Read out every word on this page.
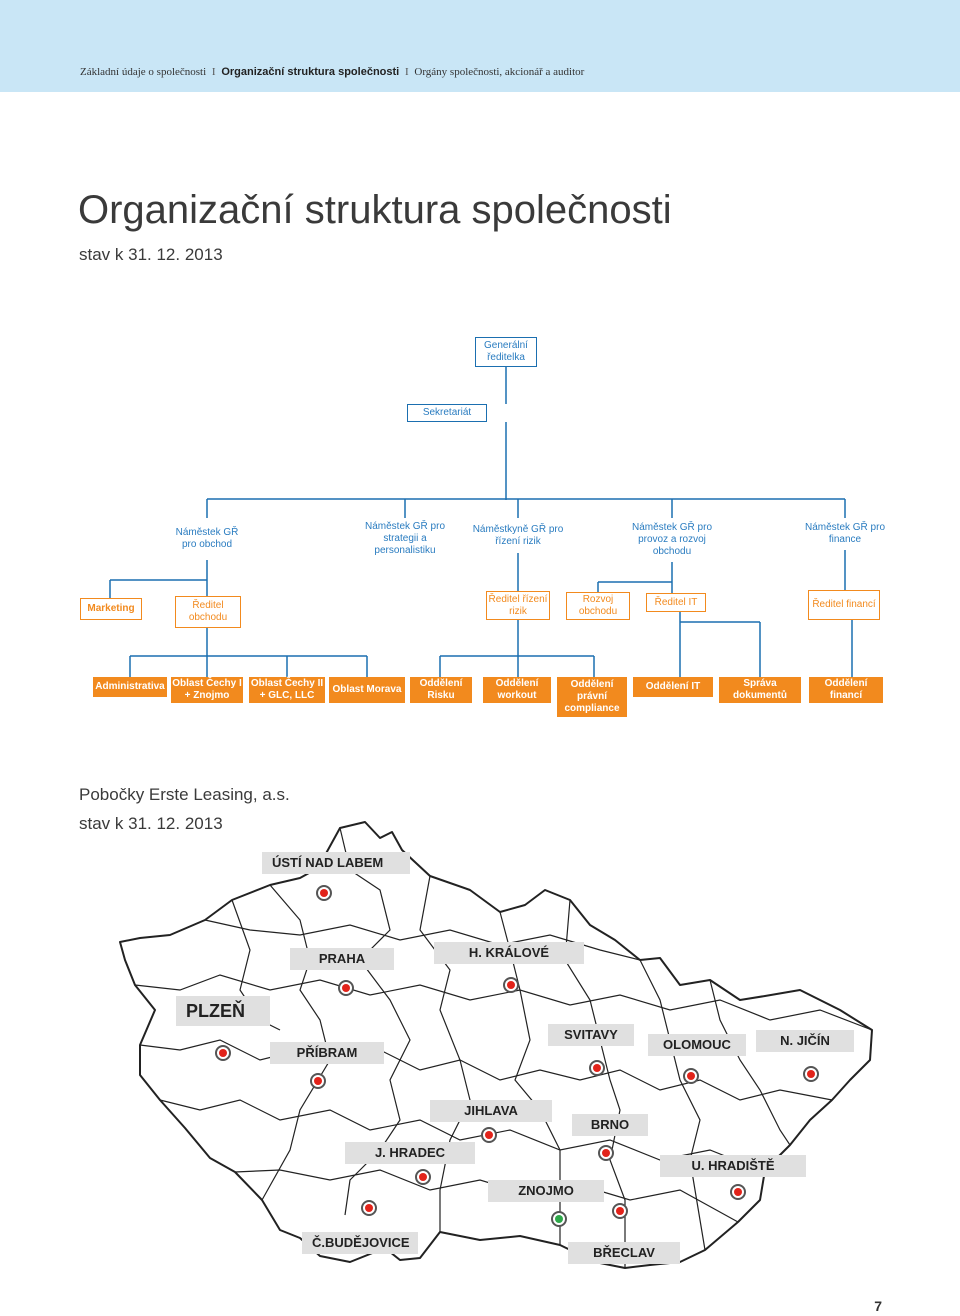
Základní údaje o společnosti I Organizační struktura společnosti I Orgány společnosti, akcionář a auditor
Organizační struktura společnosti
stav k 31. 12. 2013
Generální ředitelka
Sekretariát
Náměstek GŘ pro obchod
Náměstek GŘ pro strategii a personalistiku
Náměstkyně GŘ pro řízení rizik
Náměstek GŘ pro provoz a rozvoj obchodu
Náměstek GŘ pro finance
Marketing	Ředitel obchodu
Ředitel řízení rizik
Rozvoj obchodu
Ředitel IT	Ředitel financí
Administrativa Oblast Čechy I + Znojmo
Oblast Čechy II + GLC, LLC
Oblast Morava
Oddělení Risku
Oddělení workout
Oddělení právní compliance
Oddělení IT	Správa dokumentů
Oddělení financí
Pobočky Erste Leasing, a.s.
stav k 31. 12. 2013
ÚSTÍ NAD LABEM
PRAHA	H. KRÁLOVÉ
PLZEŇ
PŘÍBRAM
SVITAVY
OLOMOUC	N. JIČÍN
JIHLAVA
BRNO
J. HRADEC
U. HRADIŠTĚ
ZNOJMO
Č.BUDĚJOVICE
BŘECLAV
7
